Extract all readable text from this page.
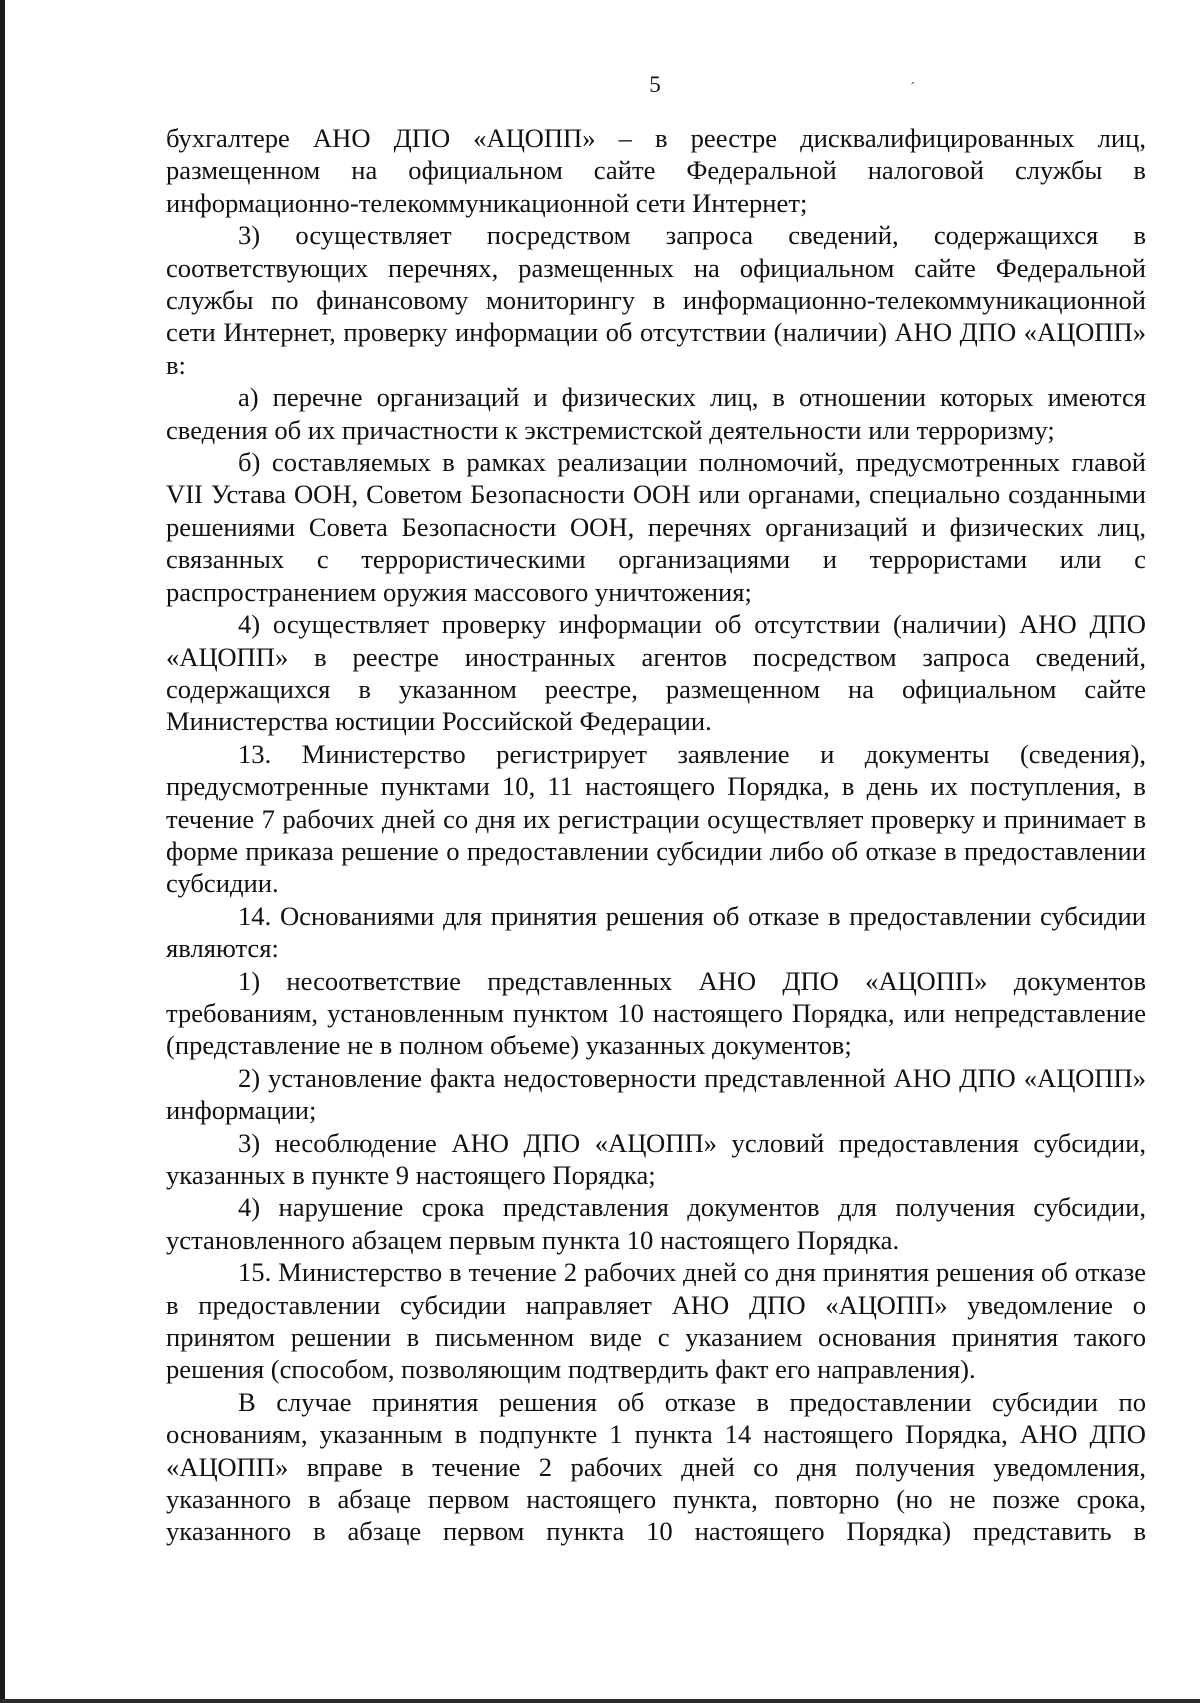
5	´

бухгалтере АНО ДПО «АЦОПП» – в реестре дисквалифицированных лиц, размещенном на официальном сайте Федеральной налоговой службы в информационно-телекоммуникационной сети Интернет;

3) осуществляет посредством запроса сведений, содержащихся в соответствующих перечнях, размещенных на официальном сайте Федеральной службы по финансовому мониторингу в информационно-телекоммуникационной сети Интернет, проверку информации об отсутствии (наличии) АНО ДПО «АЦОПП» в:

а) перечне организаций и физических лиц, в отношении которых имеются сведения об их причастности к экстремистской деятельности или терроризму;

б) составляемых в рамках реализации полномочий, предусмотренных главой VII Устава ООН, Советом Безопасности ООН или органами, специально созданными решениями Совета Безопасности ООН, перечнях организаций и физических лиц, связанных с террористическими организациями и террористами или с распространением оружия массового уничтожения;

4) осуществляет проверку информации об отсутствии (наличии) АНО ДПО «АЦОПП» в реестре иностранных агентов посредством запроса сведений, содержащихся в указанном реестре, размещенном на официальном сайте Министерства юстиции Российской Федерации.

13. Министерство регистрирует заявление и документы (сведения), предусмотренные пунктами 10, 11 настоящего Порядка, в день их поступления, в течение 7 рабочих дней со дня их регистрации осуществляет проверку и принимает в форме приказа решение о предоставлении субсидии либо об отказе в предоставлении субсидии.

14. Основаниями для принятия решения об отказе в предоставлении субсидии являются:

1) несоответствие представленных АНО ДПО «АЦОПП» документов требованиям, установленным пунктом 10 настоящего Порядка, или непредставление (представление не в полном объеме) указанных документов;

2) установление факта недостоверности представленной АНО ДПО «АЦОПП» информации;

3) несоблюдение АНО ДПО «АЦОПП» условий предоставления субсидии, указанных в пункте 9 настоящего Порядка;

4) нарушение срока представления документов для получения субсидии, установленного абзацем первым пункта 10 настоящего Порядка.

15. Министерство в течение 2 рабочих дней со дня принятия решения об отказе в предоставлении субсидии направляет АНО ДПО «АЦОПП» уведомление о принятом решении в письменном виде с указанием основания принятия такого решения (способом, позволяющим подтвердить факт его направления).

В случае принятия решения об отказе в предоставлении субсидии по основаниям, указанным в подпункте 1 пункта 14 настоящего Порядка, АНО ДПО «АЦОПП» вправе в течение 2 рабочих дней со дня получения уведомления, указанного в абзаце первом настоящего пункта, повторно (но не позже срока, указанного в абзаце первом пункта 10 настоящего Порядка) представить в
